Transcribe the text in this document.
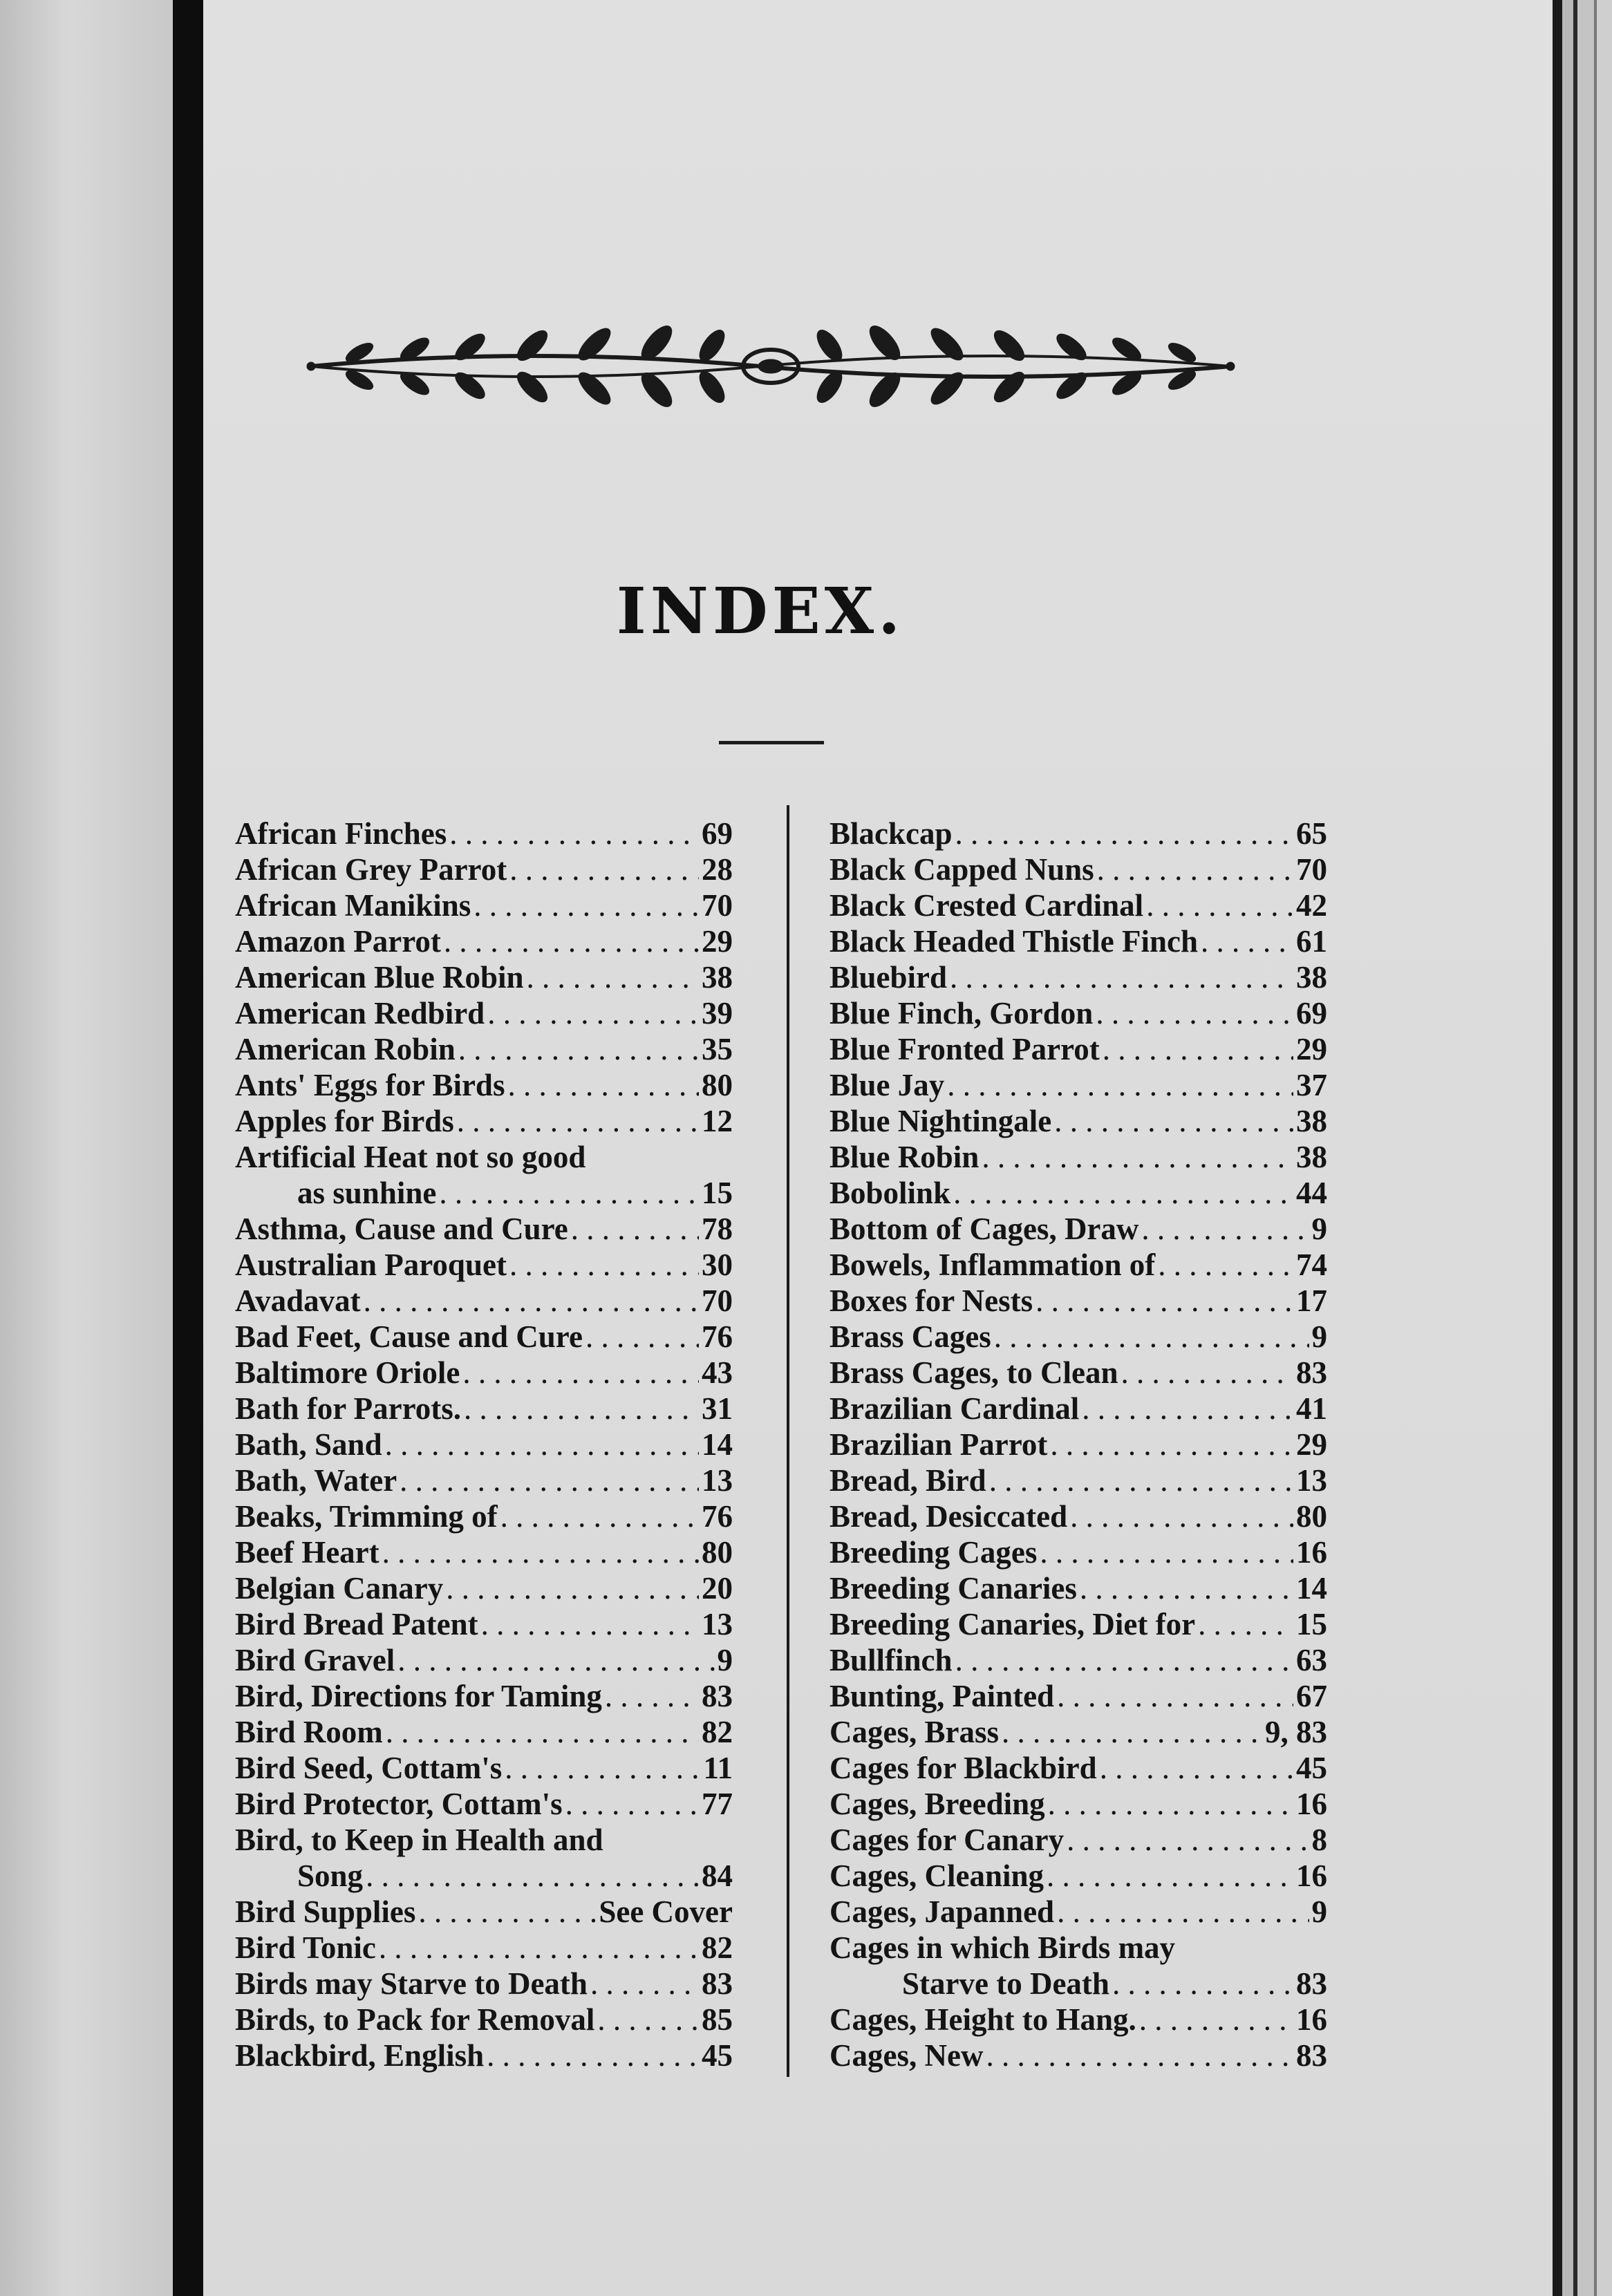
INDEX.
African Finches . . .	69
African Grey Parrot . . .	28
African Manikins . . .	70
Amazon Parrot . . .	29
American Blue Robin . . .	38
American Redbird . . .	39
American Robin . . .	35
Ants' Eggs for Birds . . .	80
Apples for Birds . . .	12
Artificial Heat not so good
as sunhine . . .	15
Asthma, Cause and Cure . . .	78
Australian Paroquet . . .	30
Avadavat . . .	70
Bad Feet, Cause and Cure . . .	76
Baltimore Oriole . . .	43
Bath for Parrots. . . .	31
Bath, Sand . . .	14
Bath, Water . . .	13
Beaks, Trimming of . . .	76
Beef Heart . . .	80
Belgian Canary . . .	20
Bird Bread Patent . . .	13
Bird Gravel . . .	9
Bird, Directions for Taming . . .	83
Bird Room . . .	82
Bird Seed, Cottam's . . .	11
Bird Protector, Cottam's . . .	77
Bird, to Keep in Health and
Song . . .	84
Bird Supplies . . .	See Cover
Bird Tonic . . .	82
Birds may Starve to Death . . .	83
Birds, to Pack for Removal . . .	85
Blackbird, English . . .	45
Blackcap . . .	65
Black Capped Nuns . . .	70
Black Crested Cardinal . . .	42
Black Headed Thistle Finch . . .	61
Bluebird . . .	38
Blue Finch, Gordon . . .	69
Blue Fronted Parrot . . .	29
Blue Jay . . .	37
Blue Nightingale . . .	38
Blue Robin . . .	38
Bobolink . . .	44
Bottom of Cages, Draw . . .	9
Bowels, Inflammation of . . .	74
Boxes for Nests . . .	17
Brass Cages . . .	9
Brass Cages, to Clean . . .	83
Brazilian Cardinal . . .	41
Brazilian Parrot . . .	29
Bread, Bird . . .	13
Bread, Desiccated . . .	80
Breeding Cages . . .	16
Breeding Canaries . . .	14
Breeding Canaries, Diet for . . .	15
Bullfinch . . .	63
Bunting, Painted . . .	67
Cages, Brass . . .	9, 83
Cages for Blackbird . . .	45
Cages, Breeding . . .	16
Cages for Canary . . .	8
Cages, Cleaning . . .	16
Cages, Japanned . . .	9
Cages in which Birds may
Starve to Death . . .	83
Cages, Height to Hang. . . .	16
Cages, New . . .	83
